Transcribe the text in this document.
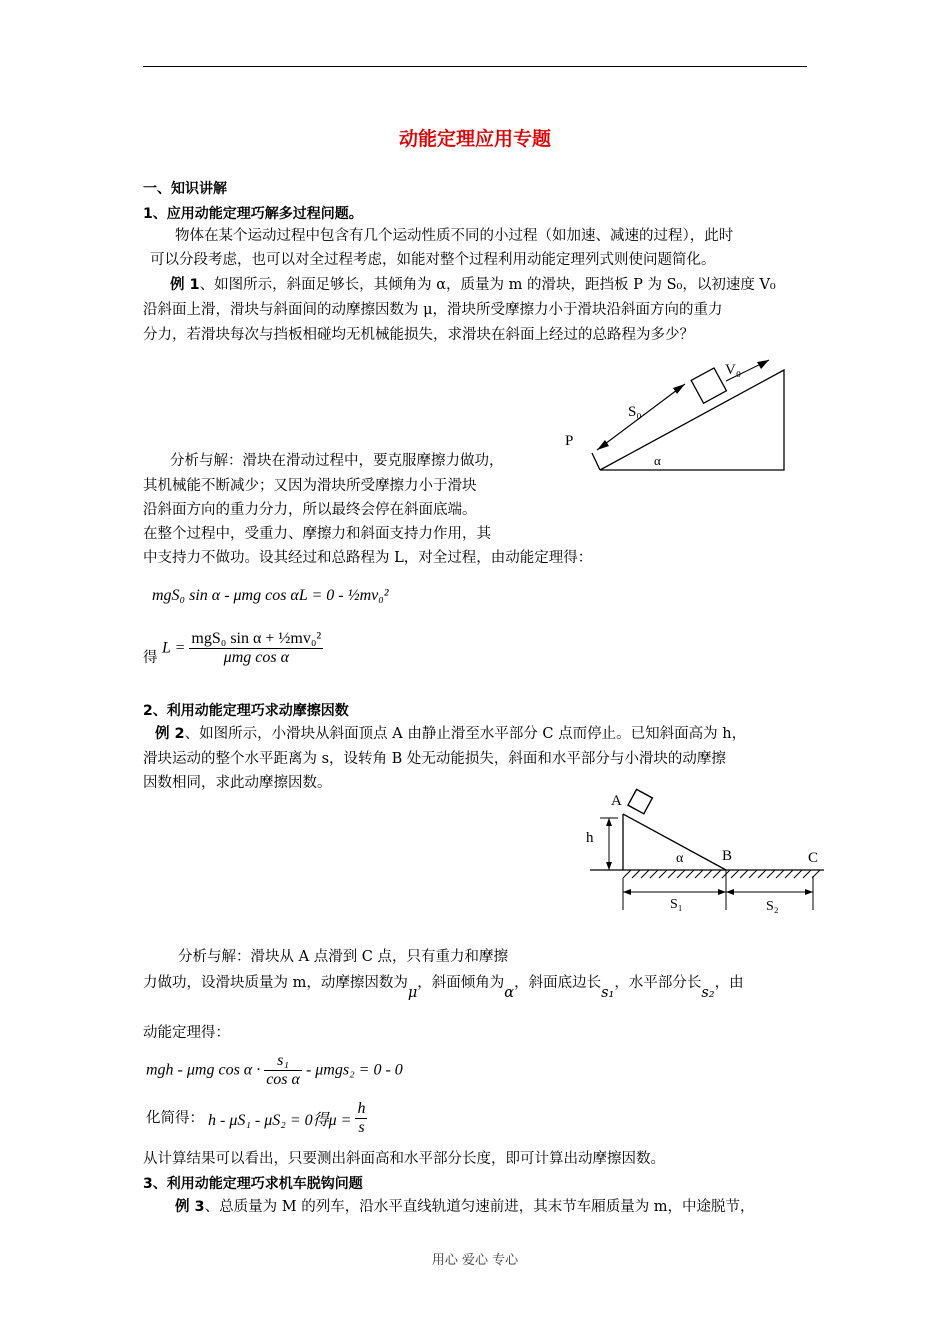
动能定理应用专题
一、知识讲解
1、应用动能定理巧解多过程问题。
物体在某个运动过程中包含有几个运动性质不同的小过程（如加速、减速的过程），此时
可以分段考虑，也可以对全过程考虑，如能对整个过程利用动能定理列式则使问题简化。
例 1、如图所示，斜面足够长，其倾角为 α，质量为 m 的滑块，距挡板 P 为 S₀，以初速度 V₀
沿斜面上滑，滑块与斜面间的动摩擦因数为 μ，滑块所受摩擦力小于滑块沿斜面方向的重力
分力，若滑块每次与挡板相碰均无机械能损失，求滑块在斜面上经过的总路程为多少？
P
S₀
V₀
α
分析与解：滑块在滑动过程中，要克服摩擦力做功，
其机械能不断减少；又因为滑块所受摩擦力小于滑块
沿斜面方向的重力分力，所以最终会停在斜面底端。
在整个过程中，受重力、摩擦力和斜面支持力作用，其
中支持力不做功。设其经过和总路程为 L，对全过程，由动能定理得：
mgS₀ sin α - μmg cos αL = 0 - ½mv₀²
得
$L = \frac{\text{mgS₀ sin α + ½mv₀²}}{\text{μmg cos α}}$
2、利用动能定理巧求动摩擦因数
例 2、如图所示，小滑块从斜面顶点 A 由静止滑至水平部分 C 点而停止。已知斜面高为 h，
滑块运动的整个水平距离为 s，设转角 B 处无动能损失，斜面和水平部分与小滑块的动摩擦
因数相同，求此动摩擦因数。
A
h
α	B	C
S₁	S₂
分析与解：滑块从 A 点滑到 C 点，只有重力和摩擦
力做功，设滑块质量为 m，动摩擦因数为μ，斜面倾角为α，斜面底边长s₁，水平部分长s₂，由
动能定理得：
mgh - μmg $\cos \alpha \cdot \frac{\text{s₁}}{\text{cos α}} - \mu mgs_2 = 0 - 0$
化简得： h - μS₁ - μS₂ = 0得$\mu = \frac{h}{s}$
从计算结果可以看出，只要测出斜面高和水平部分长度，即可计算出动摩擦因数。
3、利用动能定理巧求机车脱钩问题
例 3、总质量为 M 的列车，沿水平直线轨道匀速前进，其末节车厢质量为 m，中途脱节，
用心 爱心 专心
